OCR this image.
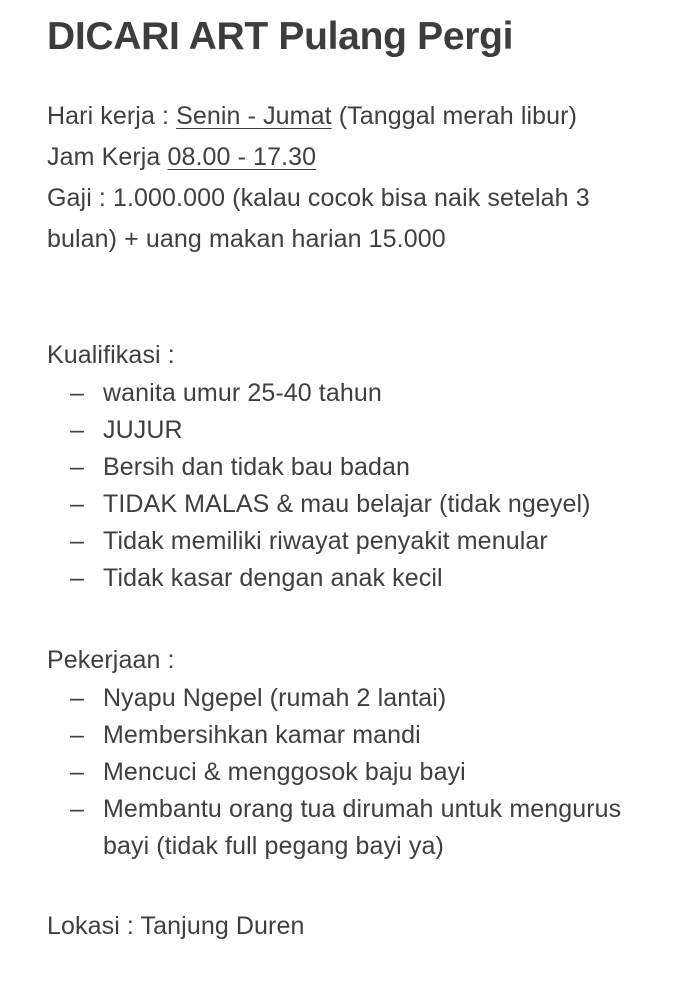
DICARI ART Pulang Pergi
Hari kerja : Senin - Jumat (Tanggal merah libur)
Jam Kerja 08.00 - 17.30
Gaji : 1.000.000 (kalau cocok bisa naik setelah 3 bulan) + uang makan harian 15.000
Kualifikasi :
– wanita umur 25-40 tahun
– JUJUR
– Bersih dan tidak bau badan
– TIDAK MALAS & mau belajar (tidak ngeyel)
– Tidak memiliki riwayat penyakit menular
– Tidak kasar dengan anak kecil
Pekerjaan :
– Nyapu Ngepel (rumah 2 lantai)
– Membersihkan kamar mandi
– Mencuci & menggosok baju bayi
– Membantu orang tua dirumah untuk mengurus bayi (tidak full pegang bayi ya)
Lokasi : Tanjung Duren
